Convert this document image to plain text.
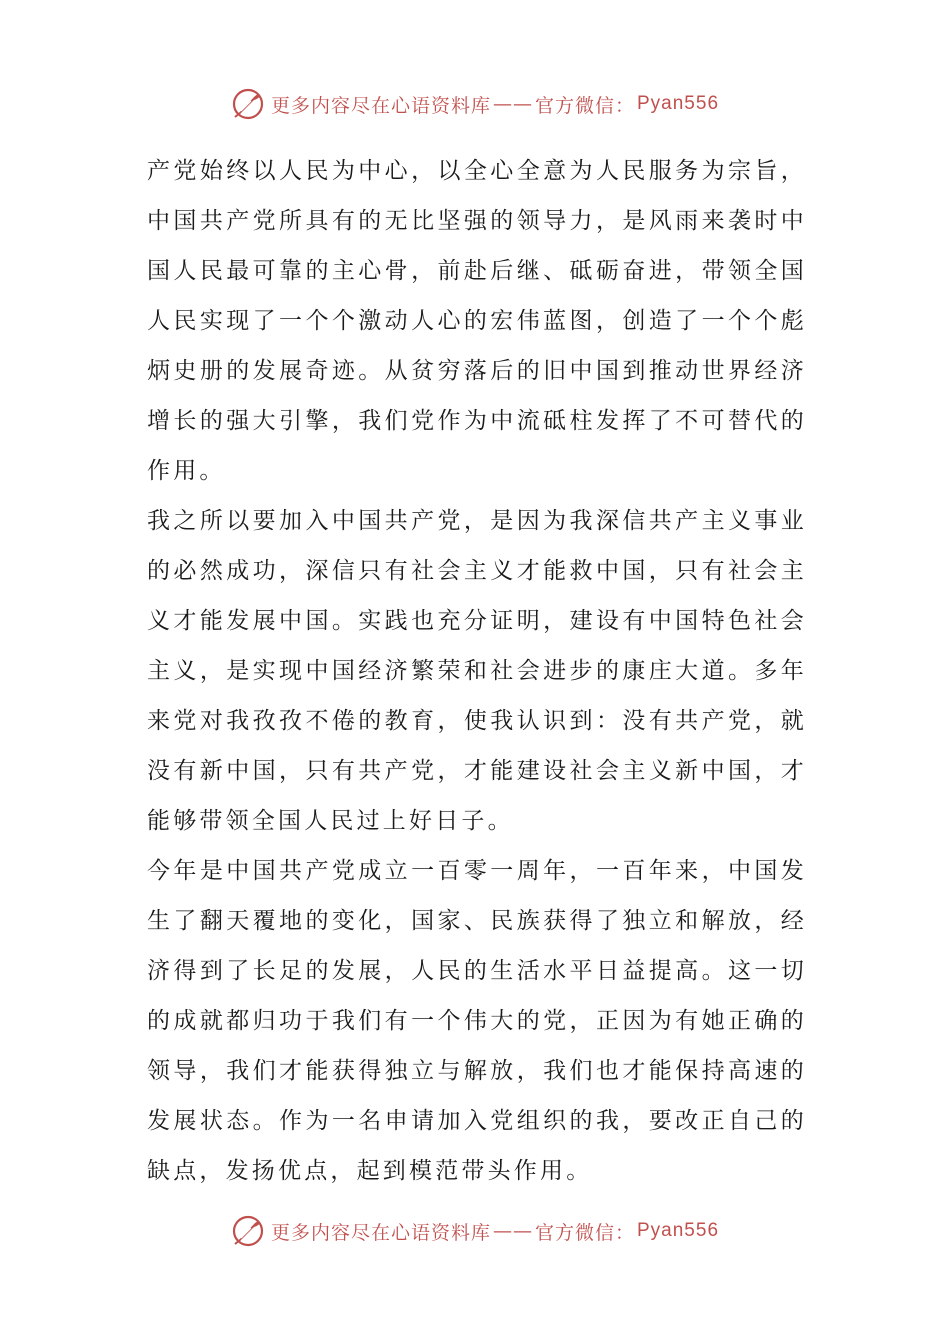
更多内容尽在心语资料库 —— 官方微信： Pyan556

产党始终以人民为中心，以全心全意为人民服务为宗旨，中国共产党所具有的无比坚强的领导力，是风雨来袭时中国人民最可靠的主心骨，前赴后继、砥砺奋进，带领全国人民实现了一个个激动人心的宏伟蓝图，创造了一个个彪炳史册的发展奇迹。从贫穷落后的旧中国到推动世界经济增长的强大引擎，我们党作为中流砥柱发挥了不可替代的作用。

我之所以要加入中国共产党，是因为我深信共产主义事业的必然成功，深信只有社会主义才能救中国，只有社会主义才能发展中国。实践也充分证明，建设有中国特色社会主义，是实现中国经济繁荣和社会进步的康庄大道。多年来党对我孜孜不倦的教育，使我认识到：没有共产党，就没有新中国，只有共产党，才能建设社会主义新中国，才能够带领全国人民过上好日子。

今年是中国共产党成立一百零一周年，一百年来，中国发生了翻天覆地的变化，国家、民族获得了独立和解放，经济得到了长足的发展，人民的生活水平日益提高。这一切的成就都归功于我们有一个伟大的党，正因为有她正确的领导，我们才能获得独立与解放，我们也才能保持高速的发展状态。作为一名申请加入党组织的我，要改正自己的缺点，发扬优点，起到模范带头作用。

更多内容尽在心语资料库 —— 官方微信： Pyan556
